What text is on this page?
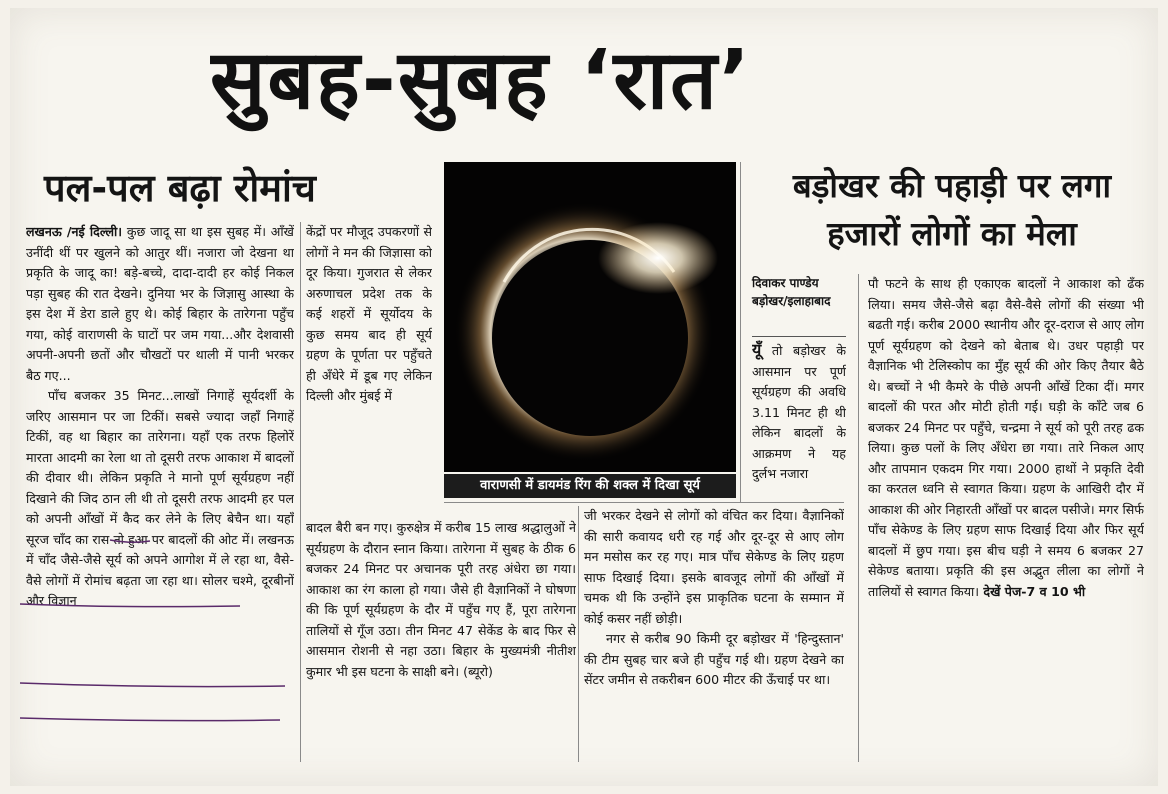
सुबह-सुबह ‘रात’
पल-पल बढ़ा रोमांच	बड़ोखर की पहाड़ी पर लगा
हजारों लोगों का मेला
वाराणसी में डायमंड रिंग की शक्ल में दिखा सूर्य

लखनऊ /नई दिल्ली। कुछ जादू सा था इस सुबह में। आँखें उनींदी थीं पर खुलने को आतुर थीं। नजारा जो देखना था प्रकृति के जादू का! बड़े-बच्चे, दादा-दादी हर कोई निकल पड़ा सुबह की रात देखने। दुनिया भर के जिज्ञासु आस्था के इस देश में डेरा डाले हुए थे। कोई बिहार के तारेगना पहुँच गया, कोई वाराणसी के घाटों पर जम गया...और देशवासी अपनी-अपनी छतों और चौखटों पर थाली में पानी भरकर बैठ गए...

पाँच बजकर 35 मिनट...लाखों निगाहें सूर्यदर्शी के जरिए आसमान पर जा टिकीं। सबसे ज्यादा जहाँ निगाहें टिकीं, वह था बिहार का तारेगना। यहाँ एक तरफ हिलोरें मारता आदमी का रेला था तो दूसरी तरफ आकाश में बादलों की दीवार थी। लेकिन प्रकृति ने मानो पूर्ण सूर्यग्रहण नहीं दिखाने की जिद ठान ली थी तो दूसरी तरफ आदमी हर पल को अपनी आँखों में कैद कर लेने के लिए बेचैन था। यहाँ सूरज चाँद का रास तो हुआ पर बादलों की ओट में। लखनऊ में चाँद जैसे-जैसे सूर्य को अपने आगोश में ले रहा था, वैसे-वैसे लोगों में रोमांच बढ़ता जा रहा था। सोलर चश्मे, दूरबीनों और विज्ञान

केंद्रों पर मौजूद उपकरणों से लोगों ने मन की जिज्ञासा को दूर किया। गुजरात से लेकर अरुणाचल प्रदेश तक के कई शहरों में सूर्योदय के कुछ समय बाद ही सूर्य ग्रहण के पूर्णता पर पहुँचते ही अँधेरे में डूब गए लेकिन दिल्ली और मुंबई में

बादल बैरी बन गए। कुरुक्षेत्र में करीब 15 लाख श्रद्धालुओं ने सूर्यग्रहण के दौरान स्नान किया। तारेगना में सुबह के ठीक 6 बजकर 24 मिनट पर अचानक पूरी तरह अंधेरा छा गया। आकाश का रंग काला हो गया। जैसे ही वैज्ञानिकों ने घोषणा की कि पूर्ण सूर्यग्रहण के दौर में पहुँच गए हैं, पूरा तारेगना तालियों से गूँज उठा। तीन मिनट 47 सेकेंड के बाद फिर से आसमान रोशनी से नहा उठा। बिहार के मुख्यमंत्री नीतीश कुमार भी इस घटना के साक्षी बने। (ब्यूरो)

दिवाकर पाण्डेय
बड़ोखर/इलाहाबाद

यूँ तो बड़ोखर के आसमान पर पूर्ण सूर्यग्रहण की अवधि 3.11 मिनट ही थी लेकिन बादलों के आक्रमण ने यह दुर्लभ नजारा

जी भरकर देखने से लोगों को वंचित कर दिया। वैज्ञानिकों की सारी कवायद धरी रह गई और दूर-दूर से आए लोग मन मसोस कर रह गए। मात्र पाँच सेकेण्ड के लिए ग्रहण साफ दिखाई दिया। इसके बावजूद लोगों की आँखों में चमक थी कि उन्होंने इस प्राकृतिक घटना के सम्मान में कोई कसर नहीं छोड़ी।

नगर से करीब 90 किमी दूर बड़ोखर में 'हिन्दुस्तान' की टीम सुबह चार बजे ही पहुँच गई थी। ग्रहण देखने का सेंटर जमीन से तकरीबन 600 मीटर की ऊँचाई पर था।

पौ फटने के साथ ही एकाएक बादलों ने आकाश को ढँक लिया। समय जैसे-जैसे बढ़ा वैसे-वैसे लोगों की संख्या भी बढती गई। करीब 2000 स्थानीय और दूर-दराज से आए लोग पूर्ण सूर्यग्रहण को देखने को बेताब थे। उधर पहाड़ी पर वैज्ञानिक भी टेलिस्कोप का मुँह सूर्य की ओर किए तैयार बैठे थे। बच्चों ने भी कैमरे के पीछे अपनी आँखें टिका दीं। मगर बादलों की परत और मोटी होती गई। घड़ी के काँटे जब 6 बजकर 24 मिनट पर पहुँचे, चन्द्रमा ने सूर्य को पूरी तरह ढक लिया। कुछ पलों के लिए अँधेरा छा गया। तारे निकल आए और तापमान एकदम गिर गया। 2000 हाथों ने प्रकृति देवी का करतल ध्वनि से स्वागत किया। ग्रहण के आखिरी दौर में आकाश की ओर निहारती आँखों पर बादल पसीजे। मगर सिर्फ पाँच सेकेण्ड के लिए ग्रहण साफ दिखाई दिया और फिर सूर्य बादलों में छुप गया। इस बीच घड़ी ने समय 6 बजकर 27 सेकेण्ड बताया। प्रकृति की इस अद्भुत लीला का लोगों ने तालियों से स्वागत किया। देखें पेज-7 व 10 भी
